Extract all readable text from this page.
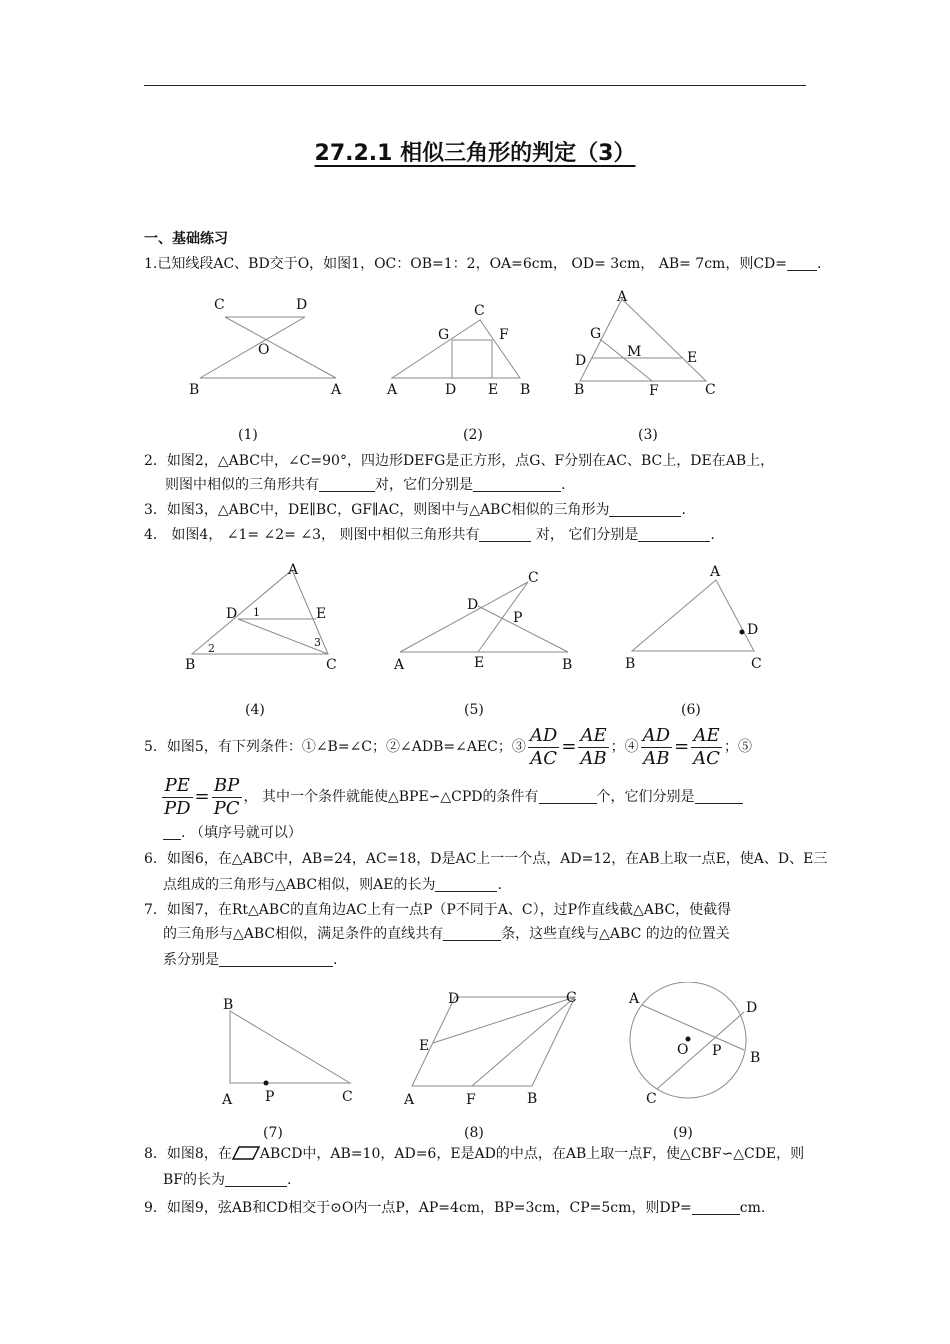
27.2.1 相似三角形的判定（3）
一、基础练习
1.已知线段AC、BD交于O，如图1，OC：OB=1：2，OA=6cm， OD= 3cm， AB= 7cm，则CD= .
C	D
O
B	A
(1)
C
G	F
A	D E B
(2)
A
G
M
D	E
B	F	C
(3)
2．如图2，△ABC中，∠C=90°，四边形DEFG是正方形，点G、F分别在AC、BC上，DE在AB上，
则图中相似的三角形共有	对，它们分别是	.
3．如图3，△ABC中，DE∥BC，GF∥AC，则图中与△ABC相似的三角形为	.
4． 如图4， ∠1= ∠2= ∠3， 则图中相似三角形共有	对， 它们分别是	.
A
D 1	E
B
2	3
C
(4)
C
D
P
A	E	B
(5)
A
D
B	C
(6)
5．如图5，有下列条件：①∠B=∠C；②∠ADB=∠AEC；③ $\frac{AD}{AC} = \frac{AE}{AB}$ ；④ $\frac{AD}{AB} = \frac{AE}{AC}$ ；⑤
$\frac{PE}{PD} = \frac{BP}{PC}$ ， 其中一个条件就能使△BPE∽△CPD的条件有	个，它们分别是
. （填序号就可以）
6．如图6，在△ABC中，AB=24，AC=18，D是AC上一一个点，AD=12，在AB上取一点E，使A、D、E三
点组成的三角形与△ABC相似，则AE的长为	.
7．如图7，在Rt△ABC的直角边AC上有一点P（P不同于A、C），过P作直线截△ABC，使截得
的三角形与△ABC相似，满足条件的直线共有	条，这些直线与△ABC 的边的位置关
系分别是	.
B
A P	C
(7)
D	C
E
A	F	B
(8)
A
D
O P B
C
(9)
8．如图8，在 ABCD中，AB=10，AD=6，E是AD的中点，在AB上取一点F，使△CBF∽△CDE，则
BF的长为	.
9．如图9，弦AB和CD相交于⊙O内一点P，AP=4cm，BP=3cm，CP=5cm，则DP=	cm.
